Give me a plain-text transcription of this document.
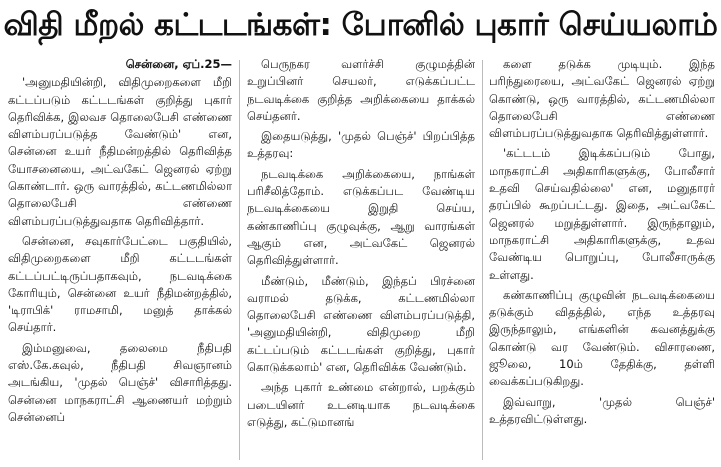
விதி மீறல் கட்டடங்கள்: போனில் புகார் செய்யலாம்
சென்னை, ஏப்.25—

'அனுமதியின்றி, விதிமுறைகளை மீறி கட்டப்படும் கட்டடங்கள் குறித்து புகார் தெரிவிக்க, இலவச தொலைபேசி எண்ணை விளம்பரப்படுத்த வேண்டும்' என, சென்னை உயர் நீதிமன்றத்தில் தெரிவித்த யோசனையை, அட்வகேட் ஜெனரல் ஏற்று கொண்டார். ஒரு வாரத்தில், கட்டணமில்லா தொலைபேசி எண்ணை விளம்பரப்படுத்துவதாக தெரிவித்தார்.

சென்னை, சவுகார்பேட்டை பகுதியில், விதிமுறைகளை மீறி கட்டடங்கள் கட்டப்பட்டிருப்பதாகவும், நடவடிக்கை கோரியும், சென்னை உயர் நீதிமன்றத்தில், 'டிராபிக்' ராமசாமி, மனுத் தாக்கல் செய்தார்.

இம்மனுவை, தலைமை நீதிபதி எஸ்.கே.கவுல், நீதிபதி சிவஞானம் அடங்கிய, 'முதல் பெஞ்ச்' விசாரித்தது. சென்னை மாநகராட்சி ஆணையர் மற்றும் சென்னைப்

பெருநகர வளர்ச்சி குழுமத்தின் உறுப்பினர் செயலர், எடுக்கப்பட்ட நடவடிக்கை குறித்த அறிக்கையை தாக்கல் செய்தனர்.

இதையடுத்து, 'முதல் பெஞ்ச்' பிறப்பித்த உத்தரவு:

நடவடிக்கை அறிக்கையை, நாங்கள் பரிசீலித்தோம். எடுக்கப்பட வேண்டிய நடவடிக்கையை இறுதி செய்ய, கண்காணிப்பு குழுவுக்கு, ஆறு வாரங்கள் ஆகும் என, அட்வகேட் ஜெனரல் தெரிவித்துள்ளார்.

மீண்டும், மீண்டும், இந்தப் பிரச்னை வராமல் தடுக்க, கட்டணமில்லா தொலைபேசி எண்ணை விளம்பரப்படுத்தி, 'அனுமதியின்றி, விதிமுறை மீறி கட்டப்படும் கட்டடங்கள் குறித்து, புகார் கொடுக்கலாம்' என, தெரிவிக்க வேண்டும்.

அந்த புகார் உண்மை என்றால், பறக்கும் படையினர் உடனடியாக நடவடிக்கை எடுத்து, கட்டுமானங்

களை தடுக்க முடியும். இந்த பரிந்துரையை, அட்வகேட் ஜெனரல் ஏற்று கொண்டு, ஒரு வாரத்தில், கட்டணமில்லா தொலைபேசி எண்ணை விளம்பரப்படுத்துவதாக தெரிவித்துள்ளார்.

'கட்டடம் இடிக்கப்படும் போது, மாநகராட்சி அதிகாரிகளுக்கு, போலீசார் உதவி செய்வதில்லை' என, மனுதாரர் தரப்பில் கூறப்பட்டது. இதை, அட்வகேட் ஜெனரல் மறுத்துள்ளார். இருந்தாலும், மாநகராட்சி அதிகாரிகளுக்கு, உதவ வேண்டிய பொறுப்பு, போலீசாருக்கு உள்ளது.

கண்காணிப்பு குழுவின் நடவடிக்கையை தடுக்கும் விதத்தில், எந்த உத்தரவு இருந்தாலும், எங்களின் கவனத்துக்கு கொண்டு வர வேண்டும். விசாரணை, ஜூலை, 10ம் தேதிக்கு, தள்ளி வைக்கப்படுகிறது.

இவ்வாறு, 'முதல் பெஞ்ச்' உத்தரவிட்டுள்ளது.
